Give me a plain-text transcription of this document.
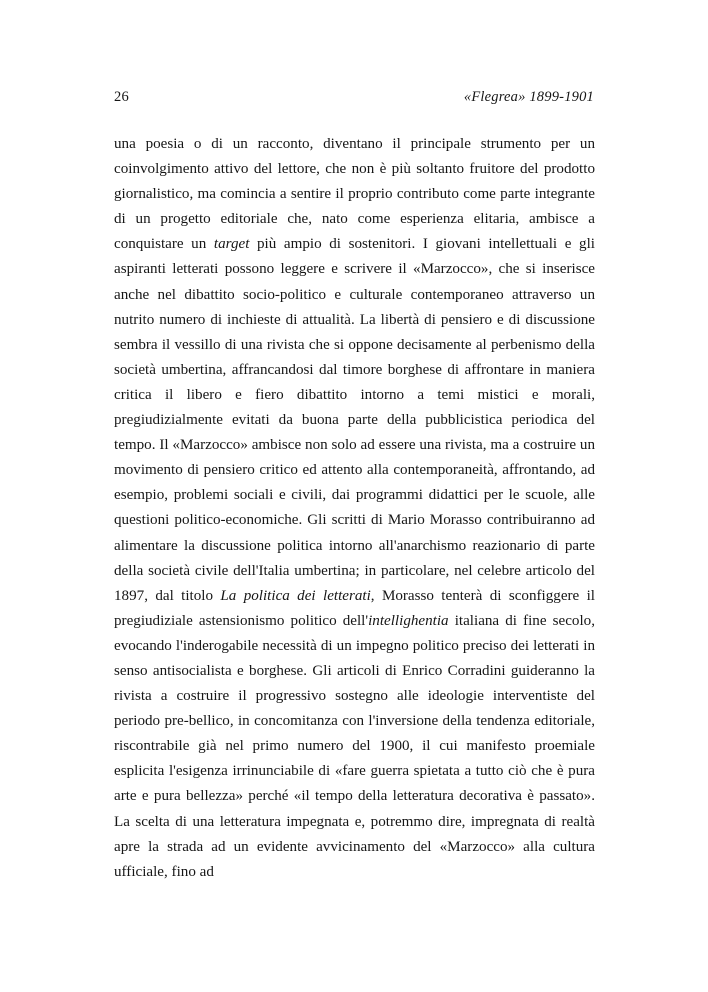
26	«Flegrea» 1899-1901

una poesia o di un racconto, diventano il principale strumento per un coinvolgimento attivo del lettore, che non è più soltanto fruitore del prodotto giornalistico, ma comincia a sentire il proprio contributo come parte integrante di un progetto editoriale che, nato come esperienza elitaria, ambisce a conquistare un target più ampio di sostenitori. I giovani intellettuali e gli aspiranti letterati possono leggere e scrivere il «Marzocco», che si inserisce anche nel dibattito socio-politico e culturale contemporaneo attraverso un nutrito numero di inchieste di attualità. La libertà di pensiero e di discussione sembra il vessillo di una rivista che si oppone decisamente al perbenismo della società umbertina, affrancandosi dal timore borghese di affrontare in maniera critica il libero e fiero dibattito intorno a temi mistici e morali, pregiudizialmente evitati da buona parte della pubblicistica periodica del tempo. Il «Marzocco» ambisce non solo ad essere una rivista, ma a costruire un movimento di pensiero critico ed attento alla contemporaneità, affrontando, ad esempio, problemi sociali e civili, dai programmi didattici per le scuole, alle questioni politico-economiche. Gli scritti di Mario Morasso contribuiranno ad alimentare la discussione politica intorno all'anarchismo reazionario di parte della società civile dell'Italia umbertina; in particolare, nel celebre articolo del 1897, dal titolo La politica dei letterati, Morasso tenterà di sconfiggere il pregiudiziale astensionismo politico dell'intellighentia italiana di fine secolo, evocando l'inderogabile necessità di un impegno politico preciso dei letterati in senso antisocialista e borghese. Gli articoli di Enrico Corradini guideranno la rivista a costruire il progressivo sostegno alle ideologie interventiste del periodo pre-bellico, in concomitanza con l'inversione della tendenza editoriale, riscontrabile già nel primo numero del 1900, il cui manifesto proemiale esplicita l'esigenza irrinunciabile di «fare guerra spietata a tutto ciò che è pura arte e pura bellezza» perché «il tempo della letteratura decorativa è passato». La scelta di una letteratura impegnata e, potremmo dire, impregnata di realtà apre la strada ad un evidente avvicinamento del «Marzocco» alla cultura ufficiale, fino ad
